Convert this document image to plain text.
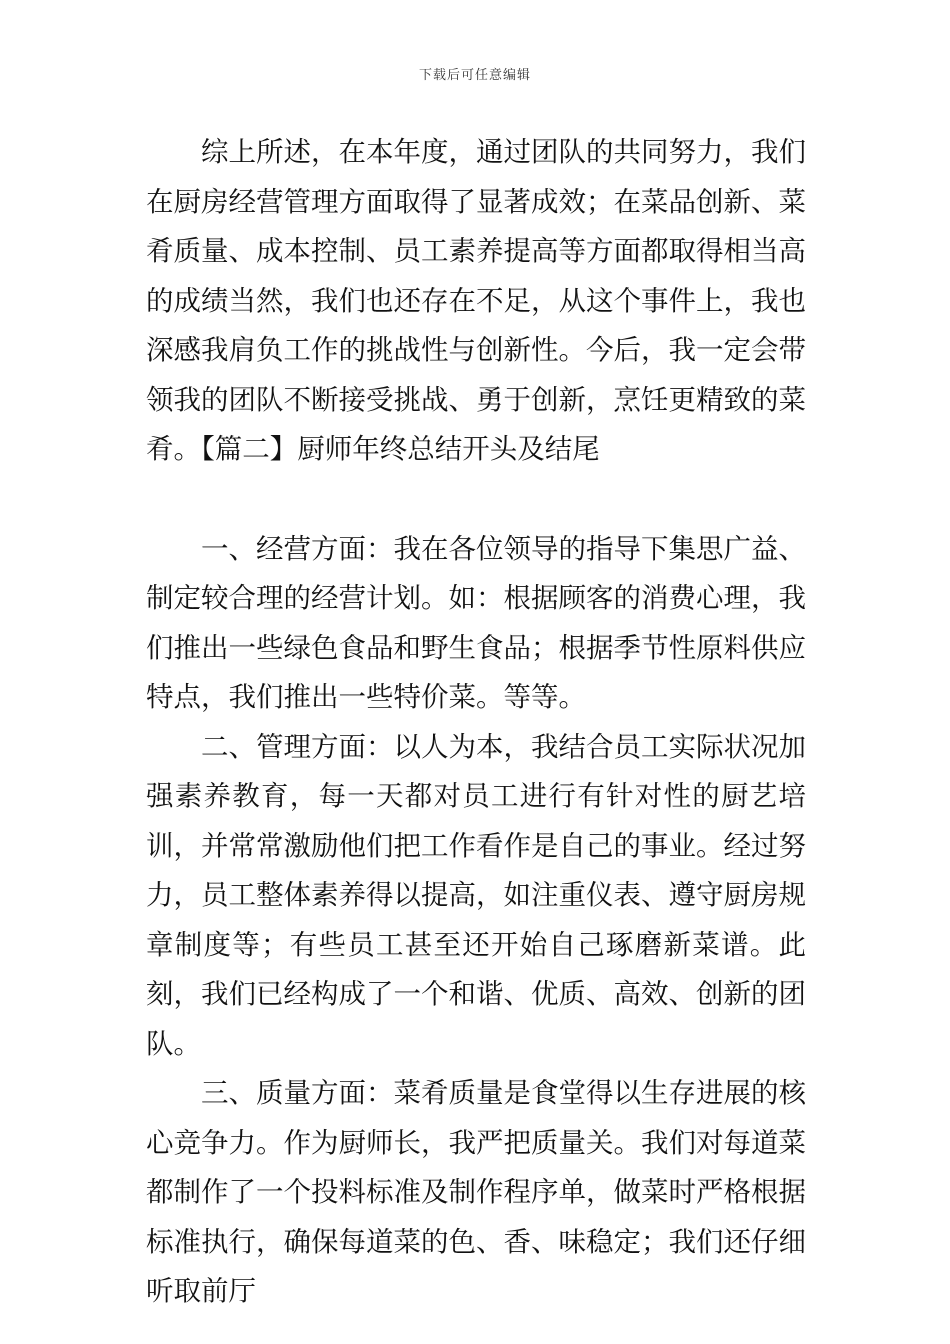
下载后可任意编辑

综上所述，在本年度，通过团队的共同努力，我们在厨房经营管理方面取得了显著成效；在菜品创新、菜肴质量、成本控制、员工素养提高等方面都取得相当高的成绩当然，我们也还存在不足，从这个事件上，我也深感我肩负工作的挑战性与创新性。今后，我一定会带领我的团队不断接受挑战、勇于创新，烹饪更精致的菜肴。【篇二】厨师年终总结开头及结尾

一、经营方面：我在各位领导的指导下集思广益、制定较合理的经营计划。如：根据顾客的消费心理，我们推出一些绿色食品和野生食品；根据季节性原料供应特点，我们推出一些特价菜。等等。

二、管理方面：以人为本，我结合员工实际状况加强素养教育，每一天都对员工进行有针对性的厨艺培训，并常常激励他们把工作看作是自己的事业。经过努力，员工整体素养得以提高，如注重仪表、遵守厨房规章制度等；有些员工甚至还开始自己琢磨新菜谱。此刻，我们已经构成了一个和谐、优质、高效、创新的团队。

三、质量方面：菜肴质量是食堂得以生存进展的核心竞争力。作为厨师长，我严把质量关。我们对每道菜都制作了一个投料标准及制作程序单，做菜时严格根据标准执行，确保每道菜的色、香、味稳定；我们还仔细听取前厅
